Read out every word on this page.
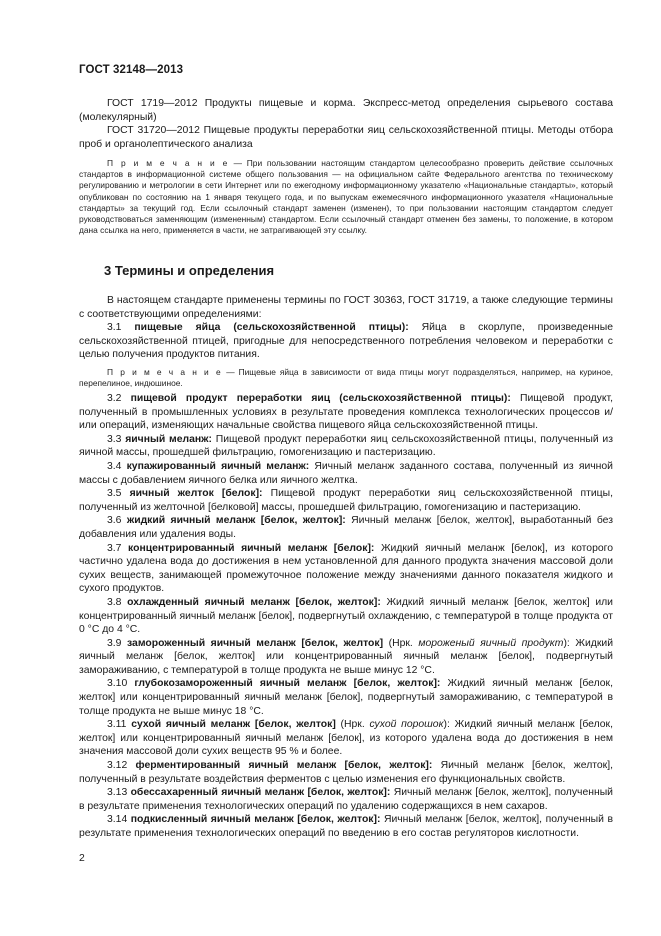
ГОСТ 32148—2013

ГОСТ 1719—2012 Продукты пищевые и корма. Экспресс-метод определения сырьевого состава (молекулярный)

ГОСТ 31720—2012 Пищевые продукты переработки яиц сельскохозяйственной птицы. Методы отбора проб и органолептического анализа

П р и м е ч а н и е — При пользовании настоящим стандартом целесообразно проверить действие ссылочных стандартов в информационной системе общего пользования — на официальном сайте Федерального агентства по техническому регулированию и метрологии в сети Интернет или по ежегодному информационному указателю «Национальные стандарты», который опубликован по состоянию на 1 января текущего года, и по выпускам ежемесячного информационного указателя «Национальные стандарты» за текущий год. Если ссылочный стандарт заменен (изменен), то при пользовании настоящим стандартом следует руководствоваться заменяющим (измененным) стандартом. Если ссылочный стандарт отменен без замены, то положение, в котором дана ссылка на него, применяется в части, не затрагивающей эту ссылку.

3 Термины и определения

В настоящем стандарте применены термины по ГОСТ 30363, ГОСТ 31719, а также следующие термины с соответствующими определениями:

3.1 пищевые яйца (сельскохозяйственной птицы): Яйца в скорлупе, произведенные сельскохозяйственной птицей, пригодные для непосредственного потребления человеком и переработки с целью получения продуктов питания.

П р и м е ч а н и е — Пищевые яйца в зависимости от вида птицы могут подразделяться, например, на куриное, перепелиное, индюшиное.

3.2 пищевой продукт переработки яиц (сельскохозяйственной птицы): Пищевой продукт, полученный в промышленных условиях в результате проведения комплекса технологических процессов и/или операций, изменяющих начальные свойства пищевого яйца сельскохозяйственной птицы.

3.3 яичный меланж: Пищевой продукт переработки яиц сельскохозяйственной птицы, полученный из яичной массы, прошедшей фильтрацию, гомогенизацию и пастеризацию.

3.4 купажированный яичный меланж: Яичный меланж заданного состава, полученный из яичной массы с добавлением яичного белка или яичного желтка.

3.5 яичный желток [белок]: Пищевой продукт переработки яиц сельскохозяйственной птицы, полученный из желточной [белковой] массы, прошедшей фильтрацию, гомогенизацию и пастеризацию.

3.6 жидкий яичный меланж [белок, желток]: Яичный меланж [белок, желток], выработанный без добавления или удаления воды.

3.7 концентрированный яичный меланж [белок]: Жидкий яичный меланж [белок], из которого частично удалена вода до достижения в нем установленной для данного продукта значения массовой доли сухих веществ, занимающей промежуточное положение между значениями данного показателя жидкого и сухого продуктов.

3.8 охлажденный яичный меланж [белок, желток]: Жидкий яичный меланж [белок, желток] или концентрированный яичный меланж [белок], подвергнутый охлаждению, с температурой в толще продукта от 0 °С до 4 °С.

3.9 замороженный яичный меланж [белок, желток] (Нрк. мороженый яичный продукт): Жидкий яичный меланж [белок, желток] или концентрированный яичный меланж [белок], подвергнутый замораживанию, с температурой в толще продукта не выше минус 12 °С.

3.10 глубокозамороженный яичный меланж [белок, желток]: Жидкий яичный меланж [белок, желток] или концентрированный яичный меланж [белок], подвергнутый замораживанию, с температурой в толще продукта не выше минус 18 °С.

3.11 сухой яичный меланж [белок, желток] (Нрк. сухой порошок): Жидкий яичный меланж [белок, желток] или концентрированный яичный меланж [белок], из которого удалена вода до достижения в нем значения массовой доли сухих веществ 95 % и более.

3.12 ферментированный яичный меланж [белок, желток]: Яичный меланж [белок, желток], полученный в результате воздействия ферментов с целью изменения его функциональных свойств.

3.13 обессахаренный яичный меланж [белок, желток]: Яичный меланж [белок, желток], полученный в результате применения технологических операций по удалению содержащихся в нем сахаров.

3.14 подкисленный яичный меланж [белок, желток]: Яичный меланж [белок, желток], полученный в результате применения технологических операций по введению в его состав регуляторов кислотности.

2
